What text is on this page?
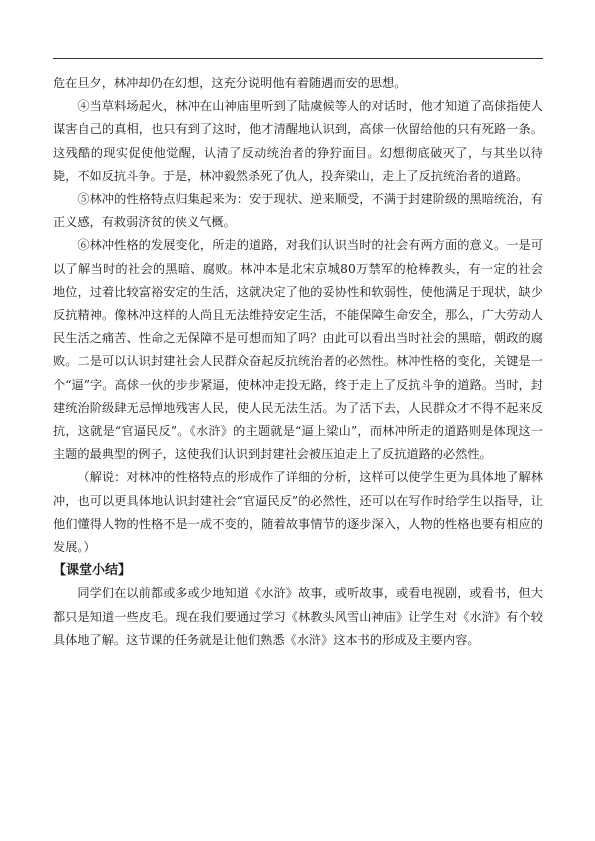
危在旦夕，林冲却仍在幻想，这充分说明他有着随遇而安的思想。

④当草料场起火，林冲在山神庙里听到了陆虞候等人的对话时，他才知道了高俅指使人谋害自己的真相，也只有到了这时，他才清醒地认识到，高俅一伙留给他的只有死路一条。这残酷的现实促使他觉醒，认清了反动统治者的狰狞面目。幻想彻底破灭了，与其坐以待毙，不如反抗斗争。于是，林冲毅然杀死了仇人，投奔梁山，走上了反抗统治者的道路。

⑤林冲的性格特点归集起来为：安于现状、逆来顺受，不满于封建阶级的黑暗统治，有正义感，有救弱济贫的侠义气概。

⑥林冲性格的发展变化，所走的道路，对我们认识当时的社会有两方面的意义。一是可以了解当时的社会的黑暗、腐败。林冲本是北宋京城80万禁军的枪棒教头，有一定的社会地位，过着比较富裕安定的生活，这就决定了他的妥协性和软弱性，使他满足于现状，缺少反抗精神。像林冲这样的人尚且无法维持安定生活，不能保障生命安全，那么，广大劳动人民生活之痛苦、性命之无保障不是可想而知了吗？由此可以看出当时社会的黑暗，朝政的腐败。二是可以认识封建社会人民群众奋起反抗统治者的必然性。林冲性格的变化，关键是一个“逼”字。高俅一伙的步步紧逼，使林冲走投无路，终于走上了反抗斗争的道路。当时，封建统治阶级肆无忌惮地残害人民，使人民无法生活。为了活下去，人民群众才不得不起来反抗，这就是“官逼民反”。《水浒》的主题就是“逼上梁山”，而林冲所走的道路则是体现这一主题的最典型的例子，这使我们认识到封建社会被压迫走上了反抗道路的必然性。

（解说：对林冲的性格特点的形成作了详细的分析，这样可以使学生更为具体地了解林冲，也可以更具体地认识封建社会“官逼民反”的必然性，还可以在写作时给学生以指导，让他们懂得人物的性格不是一成不变的，随着故事情节的逐步深入，人物的性格也要有相应的发展。）

【课堂小结】

同学们在以前都或多或少地知道《水浒》故事，或听故事，或看电视剧，或看书，但大都只是知道一些皮毛。现在我们要通过学习《林教头风雪山神庙》让学生对《水浒》有个较具体地了解。这节课的任务就是让他们熟悉《水浒》这本书的形成及主要内容。
